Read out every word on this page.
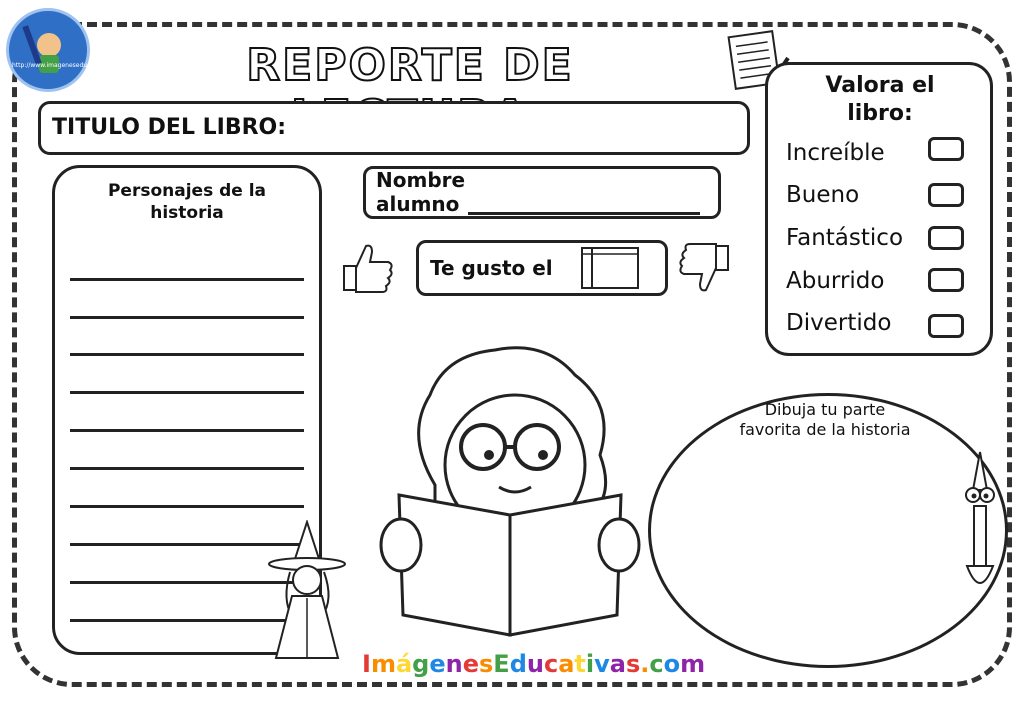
http://www.imageneseducativas.com	REPORTE DE
TITULO DEL LIBRO:
Valora el libro:
Increíble
Bueno
Fantástico
Aburrido
Divertido
Personajes de la historia
Nombre
alumno
Te gusto el
Dibuja tu parte
favorita de la historia
ImágenesEducativas.com
